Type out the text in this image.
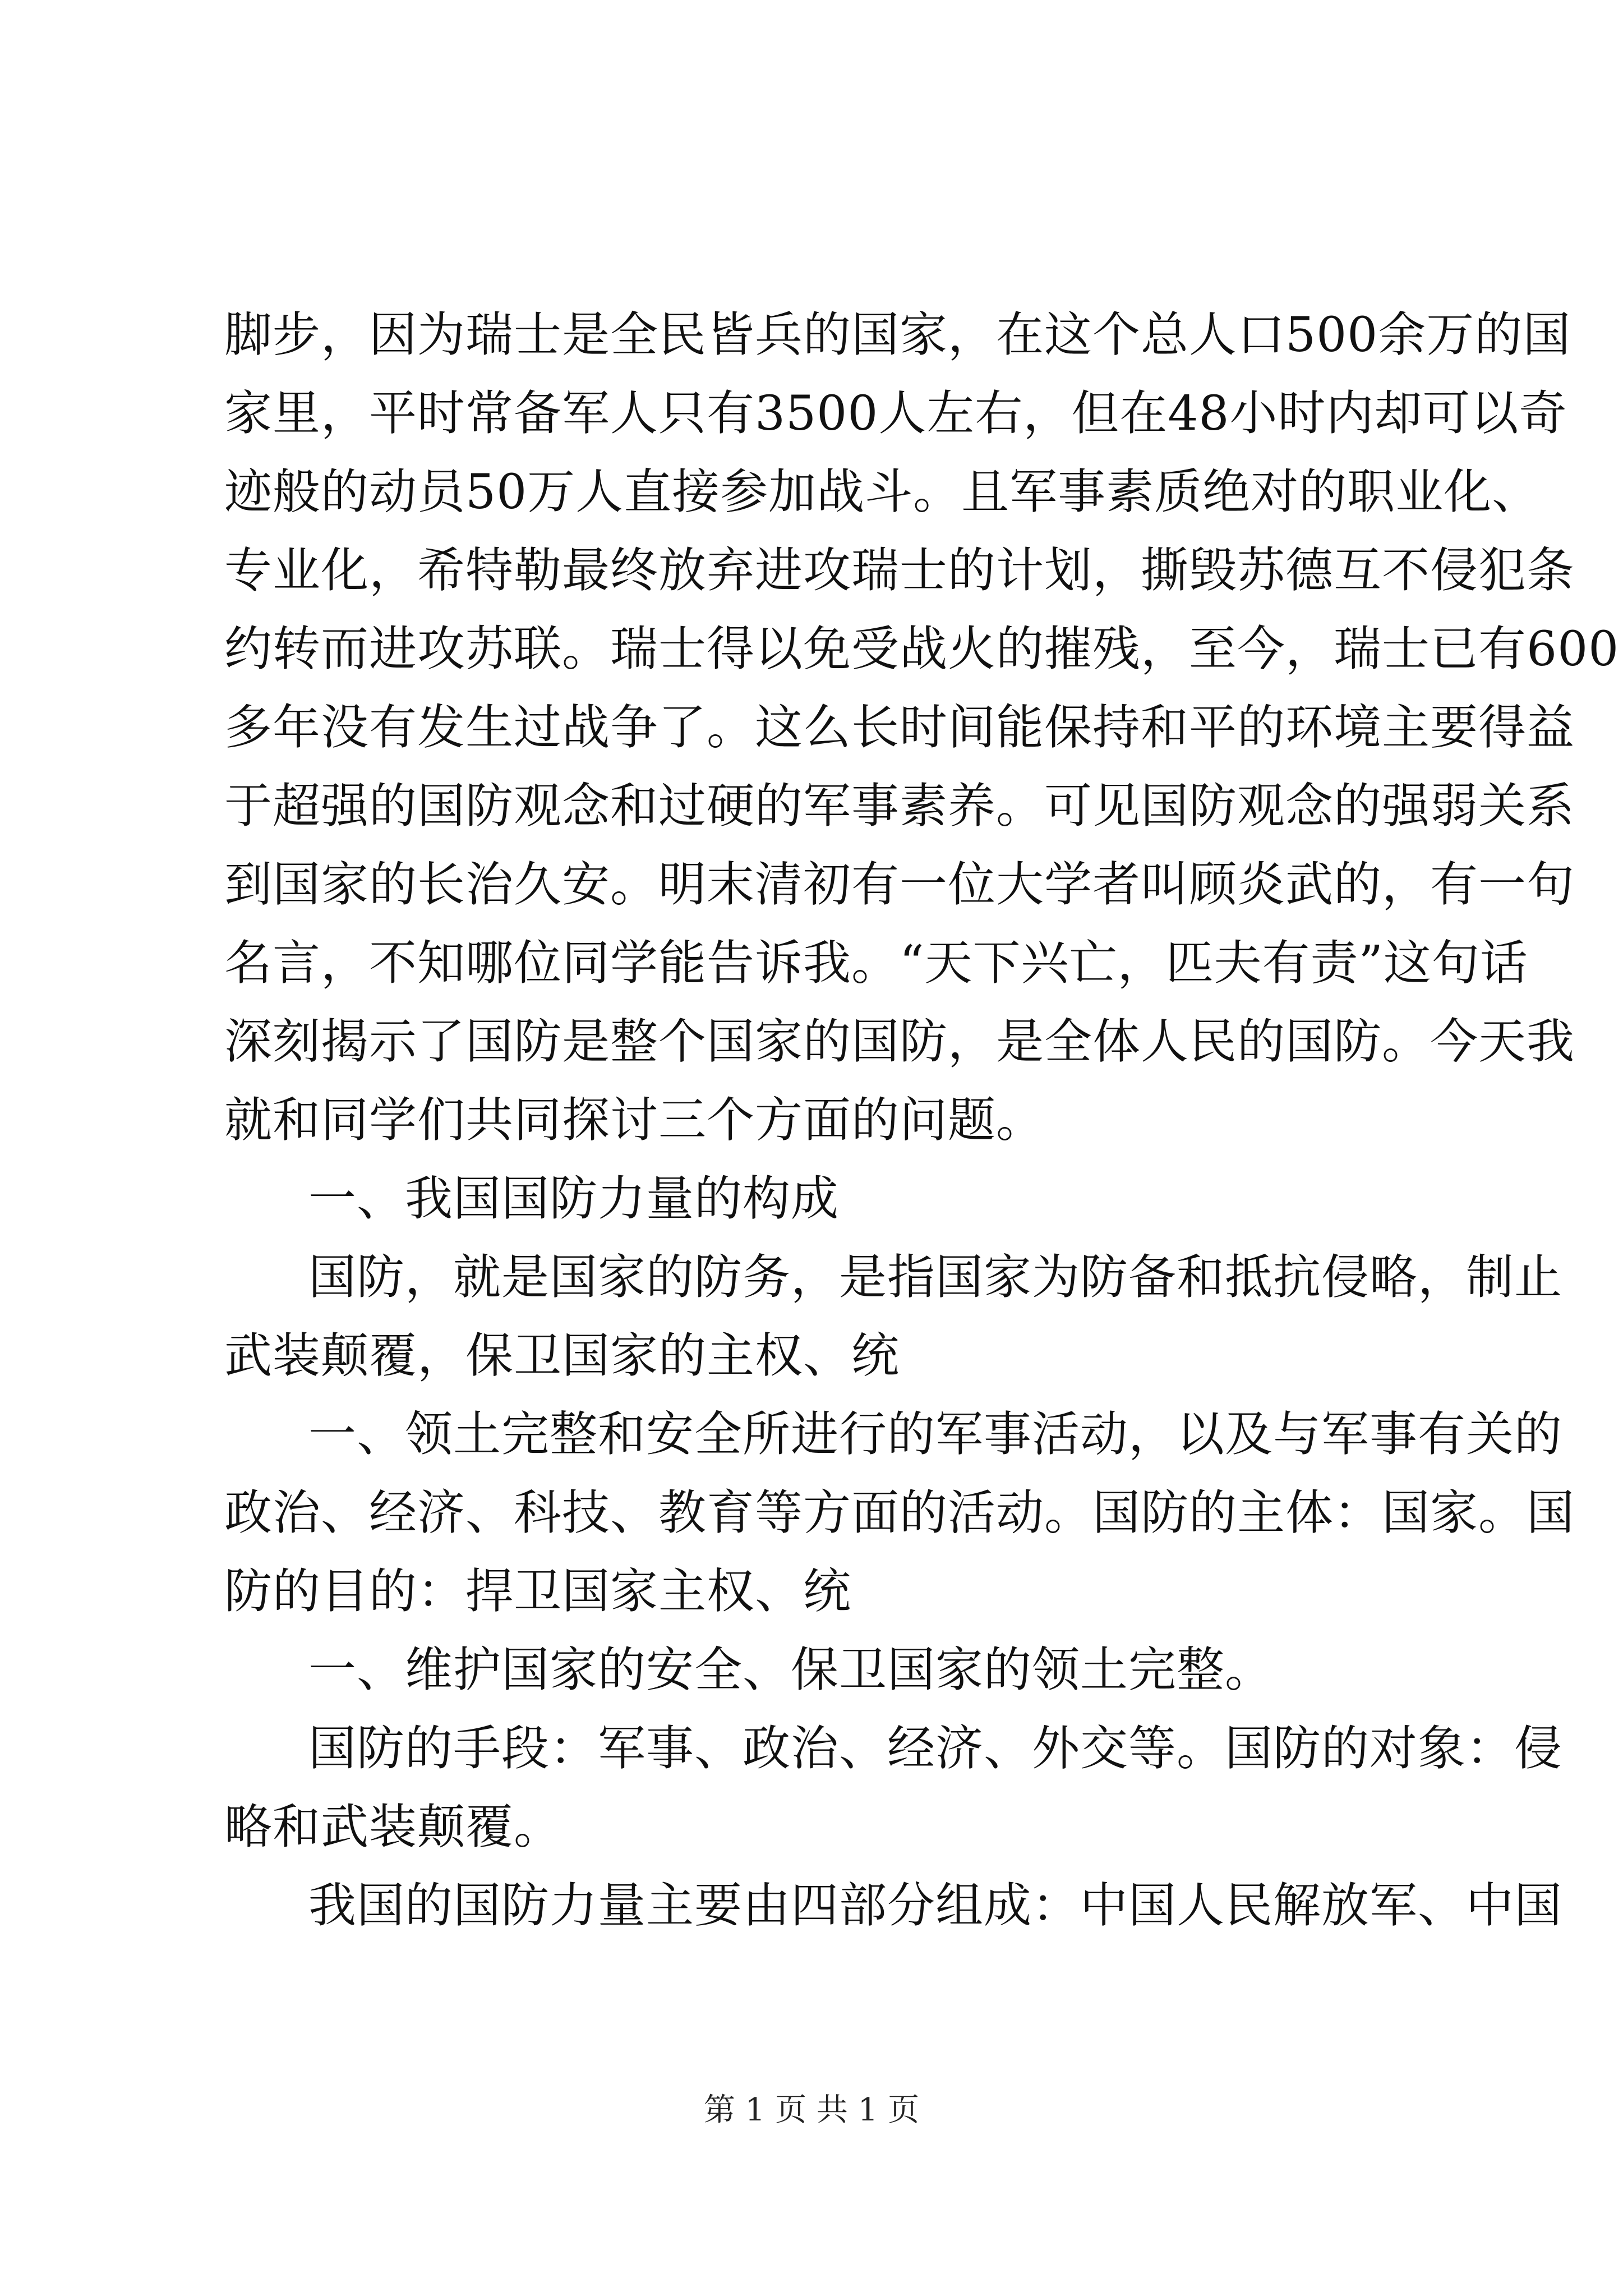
脚步，因为瑞士是全民皆兵的国家，在这个总人口500余万的国
家里，平时常备军人只有3500人左右，但在48小时内却可以奇
迹般的动员50万人直接参加战斗。且军事素质绝对的职业化、
专业化，希特勒最终放弃进攻瑞士的计划，撕毁苏德互不侵犯条
约转而进攻苏联。瑞士得以免受战火的摧残，至今，瑞士已有600
多年没有发生过战争了。这么长时间能保持和平的环境主要得益
于超强的国防观念和过硬的军事素养。可见国防观念的强弱关系
到国家的长治久安。明末清初有一位大学者叫顾炎武的，有一句
名言，不知哪位同学能告诉我。“天下兴亡，匹夫有责”这句话
深刻揭示了国防是整个国家的国防，是全体人民的国防。今天我
就和同学们共同探讨三个方面的问题。
一、我国国防力量的构成
国防，就是国家的防务，是指国家为防备和抵抗侵略，制止
武装颠覆，保卫国家的主权、统
一、领土完整和安全所进行的军事活动，以及与军事有关的
政治、经济、科技、教育等方面的活动。国防的主体：国家。国
防的目的：捍卫国家主权、统
一、维护国家的安全、保卫国家的领土完整。
国防的手段：军事、政治、经济、外交等。国防的对象：侵
略和武装颠覆。
我国的国防力量主要由四部分组成：中国人民解放军、中国
第 1 页 共 1 页
